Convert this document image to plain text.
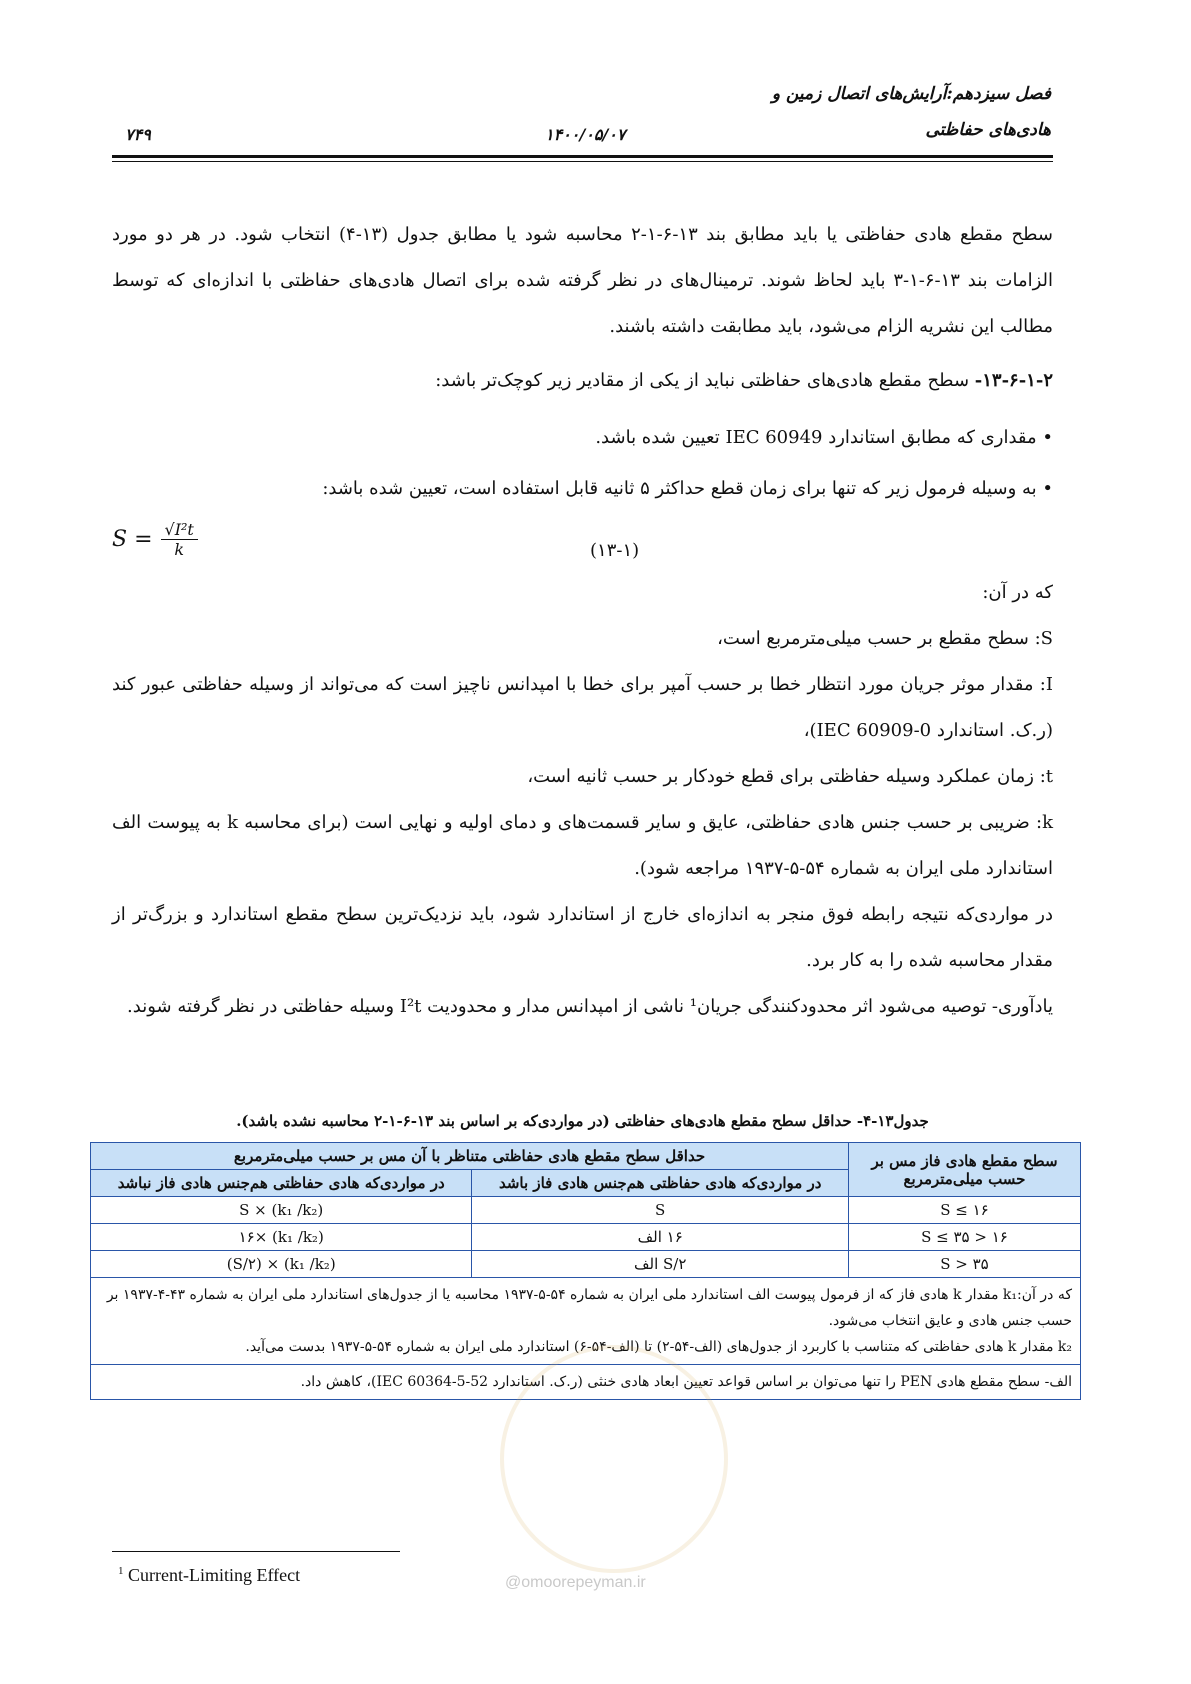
فصل سیزدهم:آرایش‌های اتصال زمین و
هادی‌های حفاظتی
۱۴۰۰/۰۵/۰۷
۷۴۹
سطح مقطع هادی حفاظتی یا باید مطابق بند ۱۳-۶-۱-۲ محاسبه شود یا مطابق جدول (۱۳-۴) انتخاب شود. در هر دو مورد الزامات بند ۱۳-۶-۱-۳ باید لحاظ شوند. ترمینال‌های در نظر گرفته شده برای اتصال هادی‌های حفاظتی با اندازه‌ای که توسط مطالب این نشریه الزام می‌شود، باید مطابقت داشته باشند.
۱۳-۶-۱-۲- سطح مقطع هادی‌های حفاظتی نباید از یکی از مقادیر زیر کوچک‌تر باشد:
• مقداری که مطابق استاندارد IEC 60949 تعیین شده باشد.
• به وسیله فرمول زیر که تنها برای زمان قطع حداکثر ۵ ثانیه قابل استفاده است، تعیین شده باشد:
$S = \frac{\text{√I²t}}{k}$	(۱۳-۱)

که در آن:

S: سطح مقطع بر حسب میلی‌مترمربع است،

I: مقدار موثر جریان مورد انتظار خطا بر حسب آمپر برای خطا با امپدانس ناچیز است که می‌تواند از وسیله حفاظتی عبور کند (ر.ک. استاندارد IEC 60909-0)،

t: زمان عملکرد وسیله حفاظتی برای قطع خودکار بر حسب ثانیه است،

k: ضریبی بر حسب جنس هادی حفاظتی، عایق و سایر قسمت‌های و دمای اولیه و نهایی است (برای محاسبه k به پیوست الف استاندارد ملی ایران به شماره ۵۴-۵-۱۹۳۷ مراجعه شود).

در مواردی‌که نتیجه رابطه فوق منجر به اندازه‌ای خارج از استاندارد شود، باید نزدیک‌ترین سطح مقطع استاندارد و بزرگ‌تر از مقدار محاسبه شده را به کار برد.

یادآوری- توصیه می‌شود اثر محدودکنندگی جریان¹ ناشی از امپدانس مدار و محدودیت I²t وسیله حفاظتی در نظر گرفته شوند.

جدول۱۳-۴- حداقل سطح مقطع هادی‌های حفاظتی (در مواردی‌که بر اساس بند ۱۳-۶-۱-۲ محاسبه نشده باشد).
سطح مقطع هادی فاز مس بر حسب میلی‌مترمربع	حداقل سطح مقطع هادی حفاظتی متناظر با آن مس بر حسب میلی‌مترمربع	
	در مواردی‌که هادی حفاظتی هم‌جنس هادی فاز باشد	در مواردی‌که هادی حفاظتی هم‌جنس هادی فاز نباشد
S ≤ ۱۶	S	(k₁ /k₂) × S
۱۶ < S ≤ ۳۵	۱۶ الف	(k₁ /k₂) ×۱۶
S > ۳۵	S/۲ الف	(k₁ /k₂) × (S/۲)

که در آن:k₁ مقدار k هادی فاز که از فرمول پیوست الف استاندارد ملی ایران به شماره ۵۴-۵-۱۹۳۷ محاسبه یا از جدول‌های استاندارد ملی ایران به شماره ۴۳-۴-۱۹۳۷ بر حسب جنس هادی و عایق انتخاب می‌شود.
k₂ مقدار k هادی حفاظتی که متناسب با کاربرد از جدول‌های (الف-۵۴-۲) تا (الف-۵۴-۶) استاندارد ملی ایران به شماره ۵۴-۵-۱۹۳۷ بدست می‌آید.		

الف- سطح مقطع هادی PEN را تنها می‌توان بر اساس قواعد تعیین ابعاد هادی خنثی (ر.ک. استاندارد IEC 60364-5-52)، کاهش داد.		
@omoorepeyman.ir
$^1$ Current-Limiting Effect
